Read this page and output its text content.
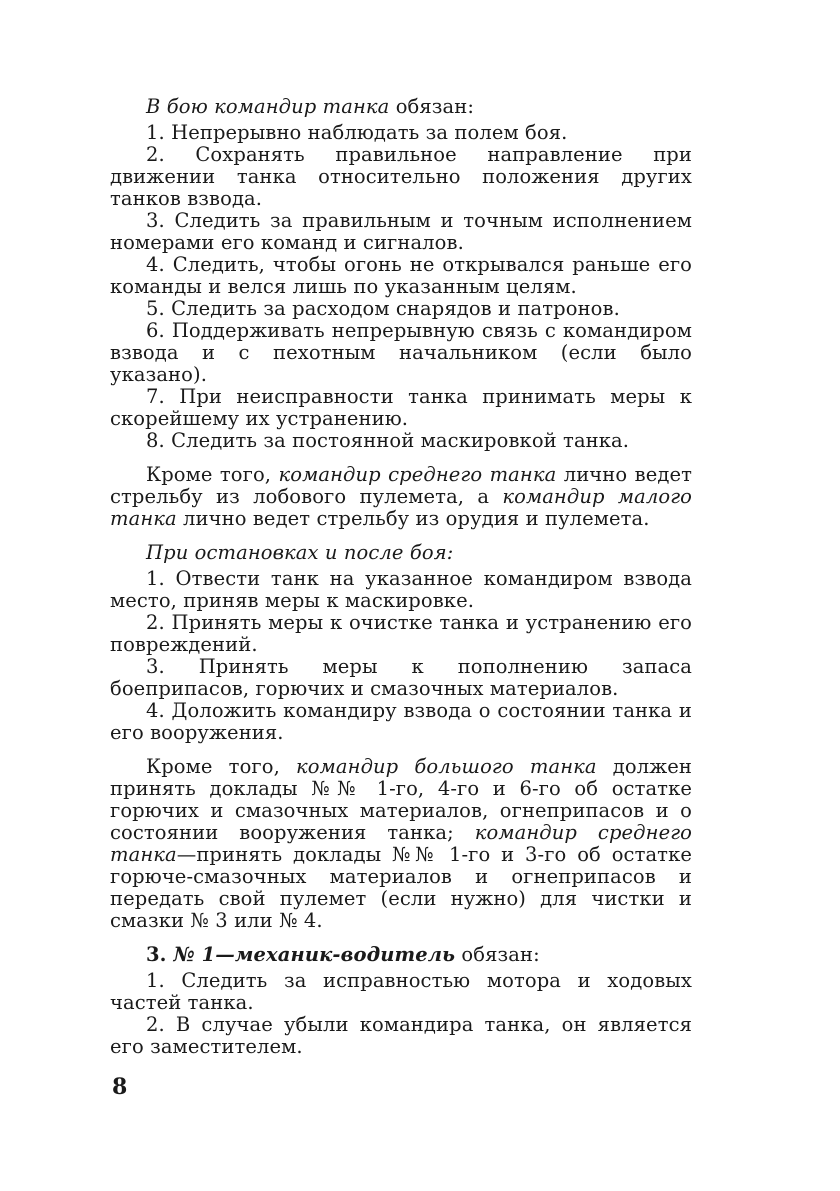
В бою командир танка обязан:

1. Непрерывно наблюдать за полем боя.

2. Сохранять правильное направление при движении танка относительно положения других танков взвода.

3. Следить за правильным и точным исполнением номерами его команд и сигналов.

4. Следить, чтобы огонь не открывался раньше его команды и велся лишь по указанным целям.

5. Следить за расходом снарядов и патронов.

6. Поддерживать непрерывную связь с командиром взвода и с пехотным начальником (если было указано).

7. При неисправности танка принимать меры к скорейшему их устранению.

8. Следить за постоянной маскировкой танка.

Кроме того, командир среднего танка лично ведет стрельбу из лобового пулемета, а командир малого танка лично ведет стрельбу из орудия и пулемета.

При остановках и после боя:

1. Отвести танк на указанное командиром взвода место, приняв меры к маскировке.

2. Принять меры к очистке танка и устранению его повреждений.

3. Принять меры к пополнению запаса боеприпасов, горючих и смазочных материалов.

4. Доложить командиру взвода о состоянии танка и его вооружения.

Кроме того, командир большого танка должен принять доклады №№ 1-го, 4-го и 6-го об остатке горючих и смазочных материалов, огнеприпасов и о состоянии вооружения танка; командир среднего танка—принять доклады №№ 1-го и 3-го об остатке горюче-смазочных материалов и огнеприпасов и передать свой пулемет (если нужно) для чистки и смазки № 3 или № 4.

3. № 1—механик-водитель обязан:

1. Следить за исправностью мотора и ходовых частей танка.

2. В случае убыли командира танка, он является его заместителем.

8
